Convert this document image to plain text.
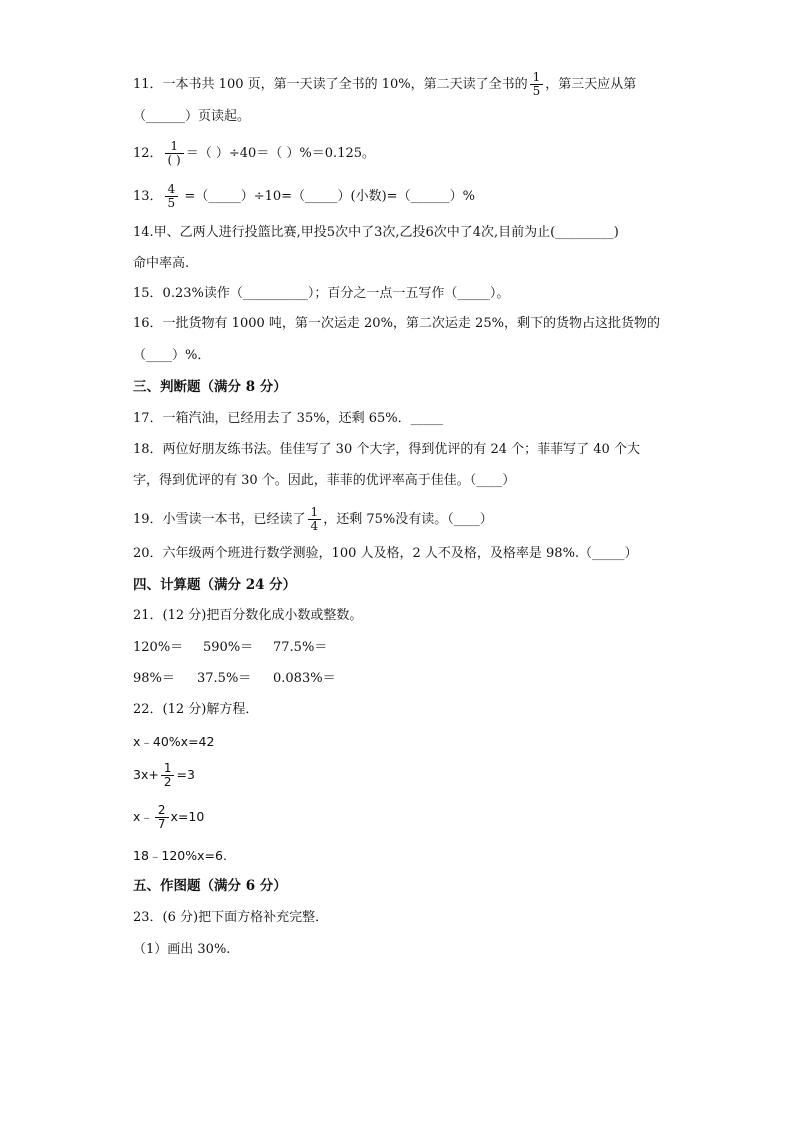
11．一本书共 100 页，第一天读了全书的 10%，第二天读了全书的 $\frac{1}{5}$ ，第三天应从第
（______）页读起。
12． $\frac{1}{( )}$ ＝（ ）÷40＝（ ）%＝0.125。
13． $\frac{4}{5}$ =（_____）÷10=（_____）(小数)=（______）%
14.甲、乙两人进行投篮比赛,甲投5次中了3次,乙投6次中了4次,目前为止(_________)
命中率高.
15．0.23%读作（__________）；百分之一点一五写作（_____）。
16．一批货物有 1000 吨，第一次运走 20%，第二次运走 25%，剩下的货物占这批货物的
（____）%．
三、判断题（满分 8 分）
17．一箱汽油，已经用去了 35%，还剩 65%．_____
18．两位好朋友练书法。佳佳写了 30 个大字，得到优评的有 24 个；菲菲写了 40 个大
字，得到优评的有 30 个。因此，菲菲的优评率高于佳佳。（____）
19．小雪读一本书，已经读了 $\frac{1}{4}$ ，还剩 75%没有读。（____）
20．六年级两个班进行数学测验，100 人及格，2 人不及格，及格率是 98%.（_____）
四、计算题（满分 24 分）
21．(12 分)把百分数化成小数或整数。
120%＝ 590%＝ 77.5%＝
98%＝ 37.5%＝ 0.083%＝
22．(12 分)解方程．
x﹣40%x=42
$3x+ \frac{1}{2} =3$
x﹣ $\frac{2}{7} x=10$
18﹣120%x=6.
五、作图题（满分 6 分）
23．(6 分)把下面方格补充完整．
（1）画出 30%.
